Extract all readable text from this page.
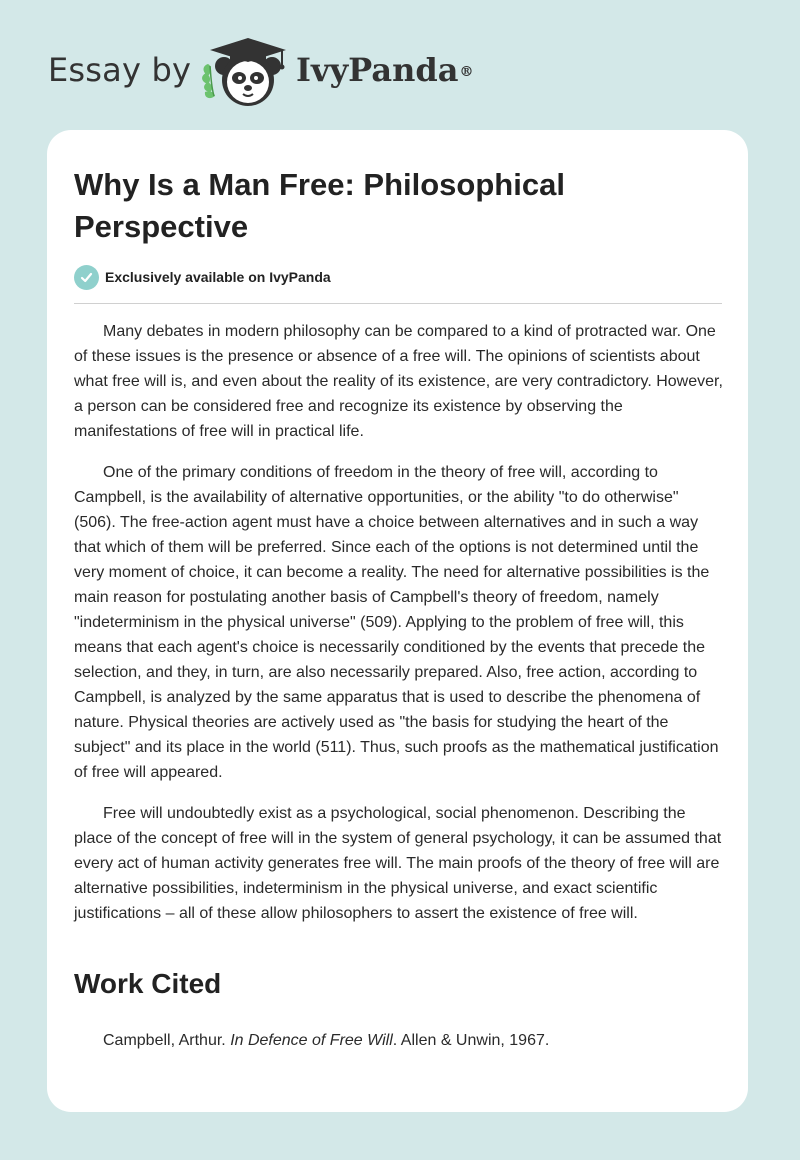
Essay by	IvyPanda®
Why Is a Man Free: Philosophical Perspective
Exclusively available on IvyPanda

Many debates in modern philosophy can be compared to a kind of protracted war. One of these issues is the presence or absence of a free will. The opinions of scientists about what free will is, and even about the reality of its existence, are very contradictory. However, a person can be considered free and recognize its existence by observing the manifestations of free will in practical life.

One of the primary conditions of freedom in the theory of free will, according to Campbell, is the availability of alternative opportunities, or the ability "to do otherwise" (506). The free-action agent must have a choice between alternatives and in such a way that which of them will be preferred. Since each of the options is not determined until the very moment of choice, it can become a reality. The need for alternative possibilities is the main reason for postulating another basis of Campbell's theory of freedom, namely "indeterminism in the physical universe" (509). Applying to the problem of free will, this means that each agent's choice is necessarily conditioned by the events that precede the selection, and they, in turn, are also necessarily prepared. Also, free action, according to Campbell, is analyzed by the same apparatus that is used to describe the phenomena of nature. Physical theories are actively used as "the basis for studying the heart of the subject" and its place in the world (511). Thus, such proofs as the mathematical justification of free will appeared.

Free will undoubtedly exist as a psychological, social phenomenon. Describing the place of the concept of free will in the system of general psychology, it can be assumed that every act of human activity generates free will. The main proofs of the theory of free will are alternative possibilities, indeterminism in the physical universe, and exact scientific justifications – all of these allow philosophers to assert the existence of free will.

Work Cited
Campbell, Arthur. In Defence of Free Will. Allen & Unwin, 1967.
